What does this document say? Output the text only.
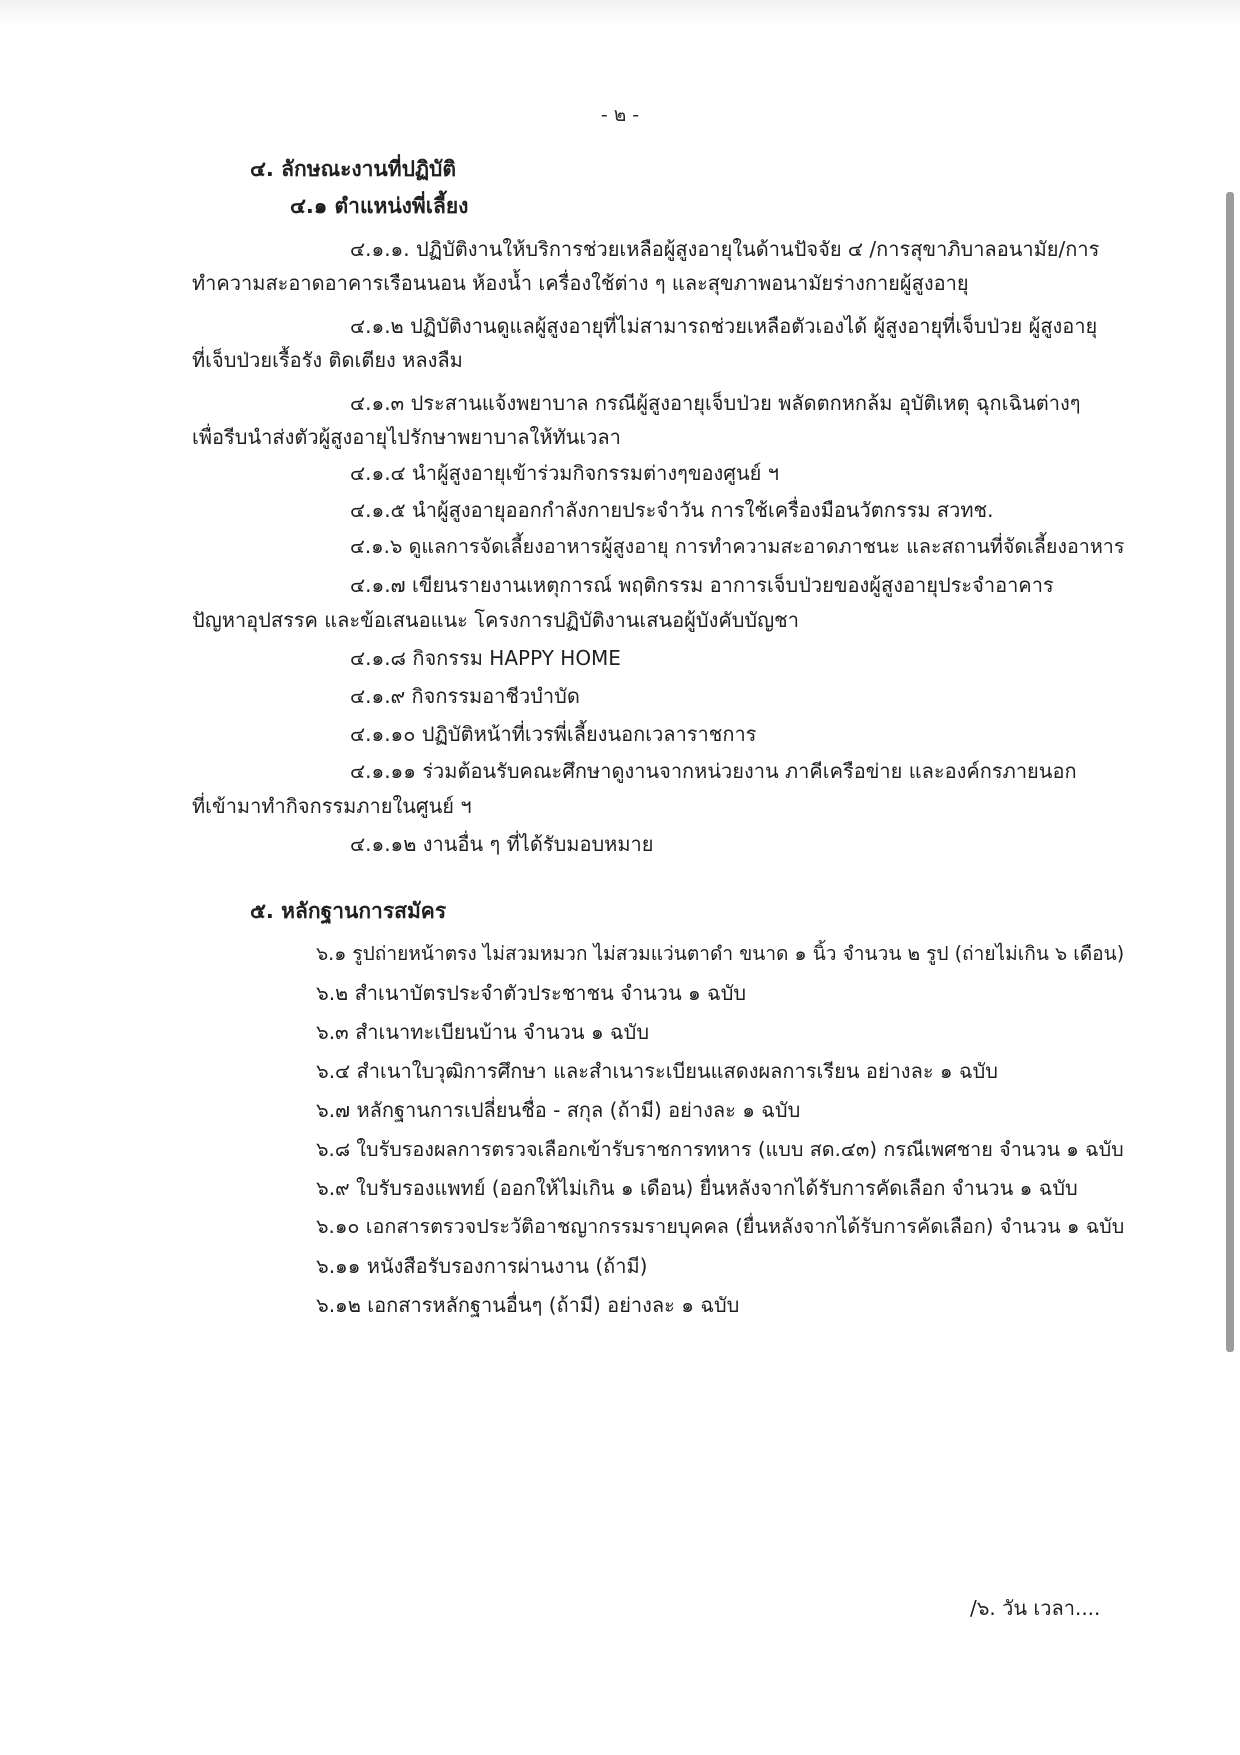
- ๒ -
๔. ลักษณะงานที่ปฏิบัติ
๔.๑ ตำแหน่งพี่เลี้ยง
๔.๑.๑. ปฏิบัติงานให้บริการช่วยเหลือผู้สูงอายุในด้านปัจจัย ๔ /การสุขาภิบาลอนามัย/การ
ทำความสะอาดอาคารเรือนนอน ห้องน้ำ เครื่องใช้ต่าง ๆ และสุขภาพอนามัยร่างกายผู้สูงอายุ
๔.๑.๒ ปฏิบัติงานดูแลผู้สูงอายุที่ไม่สามารถช่วยเหลือตัวเองได้ ผู้สูงอายุที่เจ็บป่วย ผู้สูงอายุ
ที่เจ็บป่วยเรื้อรัง ติดเตียง หลงลืม
๔.๑.๓ ประสานแจ้งพยาบาล กรณีผู้สูงอายุเจ็บป่วย พลัดตกหกล้ม อุบัติเหตุ ฉุกเฉินต่างๆ
เพื่อรีบนำส่งตัวผู้สูงอายุไปรักษาพยาบาลให้ทันเวลา
๔.๑.๔ นำผู้สูงอายุเข้าร่วมกิจกรรมต่างๆของศูนย์ ฯ
๔.๑.๕ นำผู้สูงอายุออกกำลังกายประจำวัน การใช้เครื่องมือนวัตกรรม สวทช.
๔.๑.๖ ดูแลการจัดเลี้ยงอาหารผู้สูงอายุ การทำความสะอาดภาชนะ และสถานที่จัดเลี้ยงอาหาร
๔.๑.๗ เขียนรายงานเหตุการณ์ พฤติกรรม อาการเจ็บป่วยของผู้สูงอายุประจำอาคาร
ปัญหาอุปสรรค และข้อเสนอแนะ โครงการปฏิบัติงานเสนอผู้บังคับบัญชา
๔.๑.๘ กิจกรรม HAPPY HOME
๔.๑.๙ กิจกรรมอาชีวบำบัด
๔.๑.๑๐ ปฏิบัติหน้าที่เวรพี่เลี้ยงนอกเวลาราชการ
๔.๑.๑๑ ร่วมต้อนรับคณะศึกษาดูงานจากหน่วยงาน ภาคีเครือข่าย และองค์กรภายนอก
ที่เข้ามาทำกิจกรรมภายในศูนย์ ฯ
๔.๑.๑๒ งานอื่น ๆ ที่ได้รับมอบหมาย
๕. หลักฐานการสมัคร
๖.๑ รูปถ่ายหน้าตรง ไม่สวมหมวก ไม่สวมแว่นตาดำ ขนาด ๑ นิ้ว จำนวน ๒ รูป (ถ่ายไม่เกิน ๖ เดือน)
๖.๒ สำเนาบัตรประจำตัวประชาชน จำนวน ๑ ฉบับ
๖.๓ สำเนาทะเบียนบ้าน จำนวน ๑ ฉบับ
๖.๔ สำเนาใบวุฒิการศึกษา และสำเนาระเบียนแสดงผลการเรียน อย่างละ ๑ ฉบับ
๖.๗ หลักฐานการเปลี่ยนชื่อ - สกุล (ถ้ามี) อย่างละ ๑ ฉบับ
๖.๘ ใบรับรองผลการตรวจเลือกเข้ารับราชการทหาร (แบบ สด.๔๓) กรณีเพศชาย จำนวน ๑ ฉบับ
๖.๙ ใบรับรองแพทย์ (ออกให้ไม่เกิน ๑ เดือน) ยื่นหลังจากได้รับการคัดเลือก จำนวน ๑ ฉบับ
๖.๑๐ เอกสารตรวจประวัติอาชญากรรมรายบุคคล (ยื่นหลังจากได้รับการคัดเลือก) จำนวน ๑ ฉบับ
๖.๑๑ หนังสือรับรองการผ่านงาน (ถ้ามี)
๖.๑๒ เอกสารหลักฐานอื่นๆ (ถ้ามี) อย่างละ ๑ ฉบับ
/๖. วัน เวลา....
